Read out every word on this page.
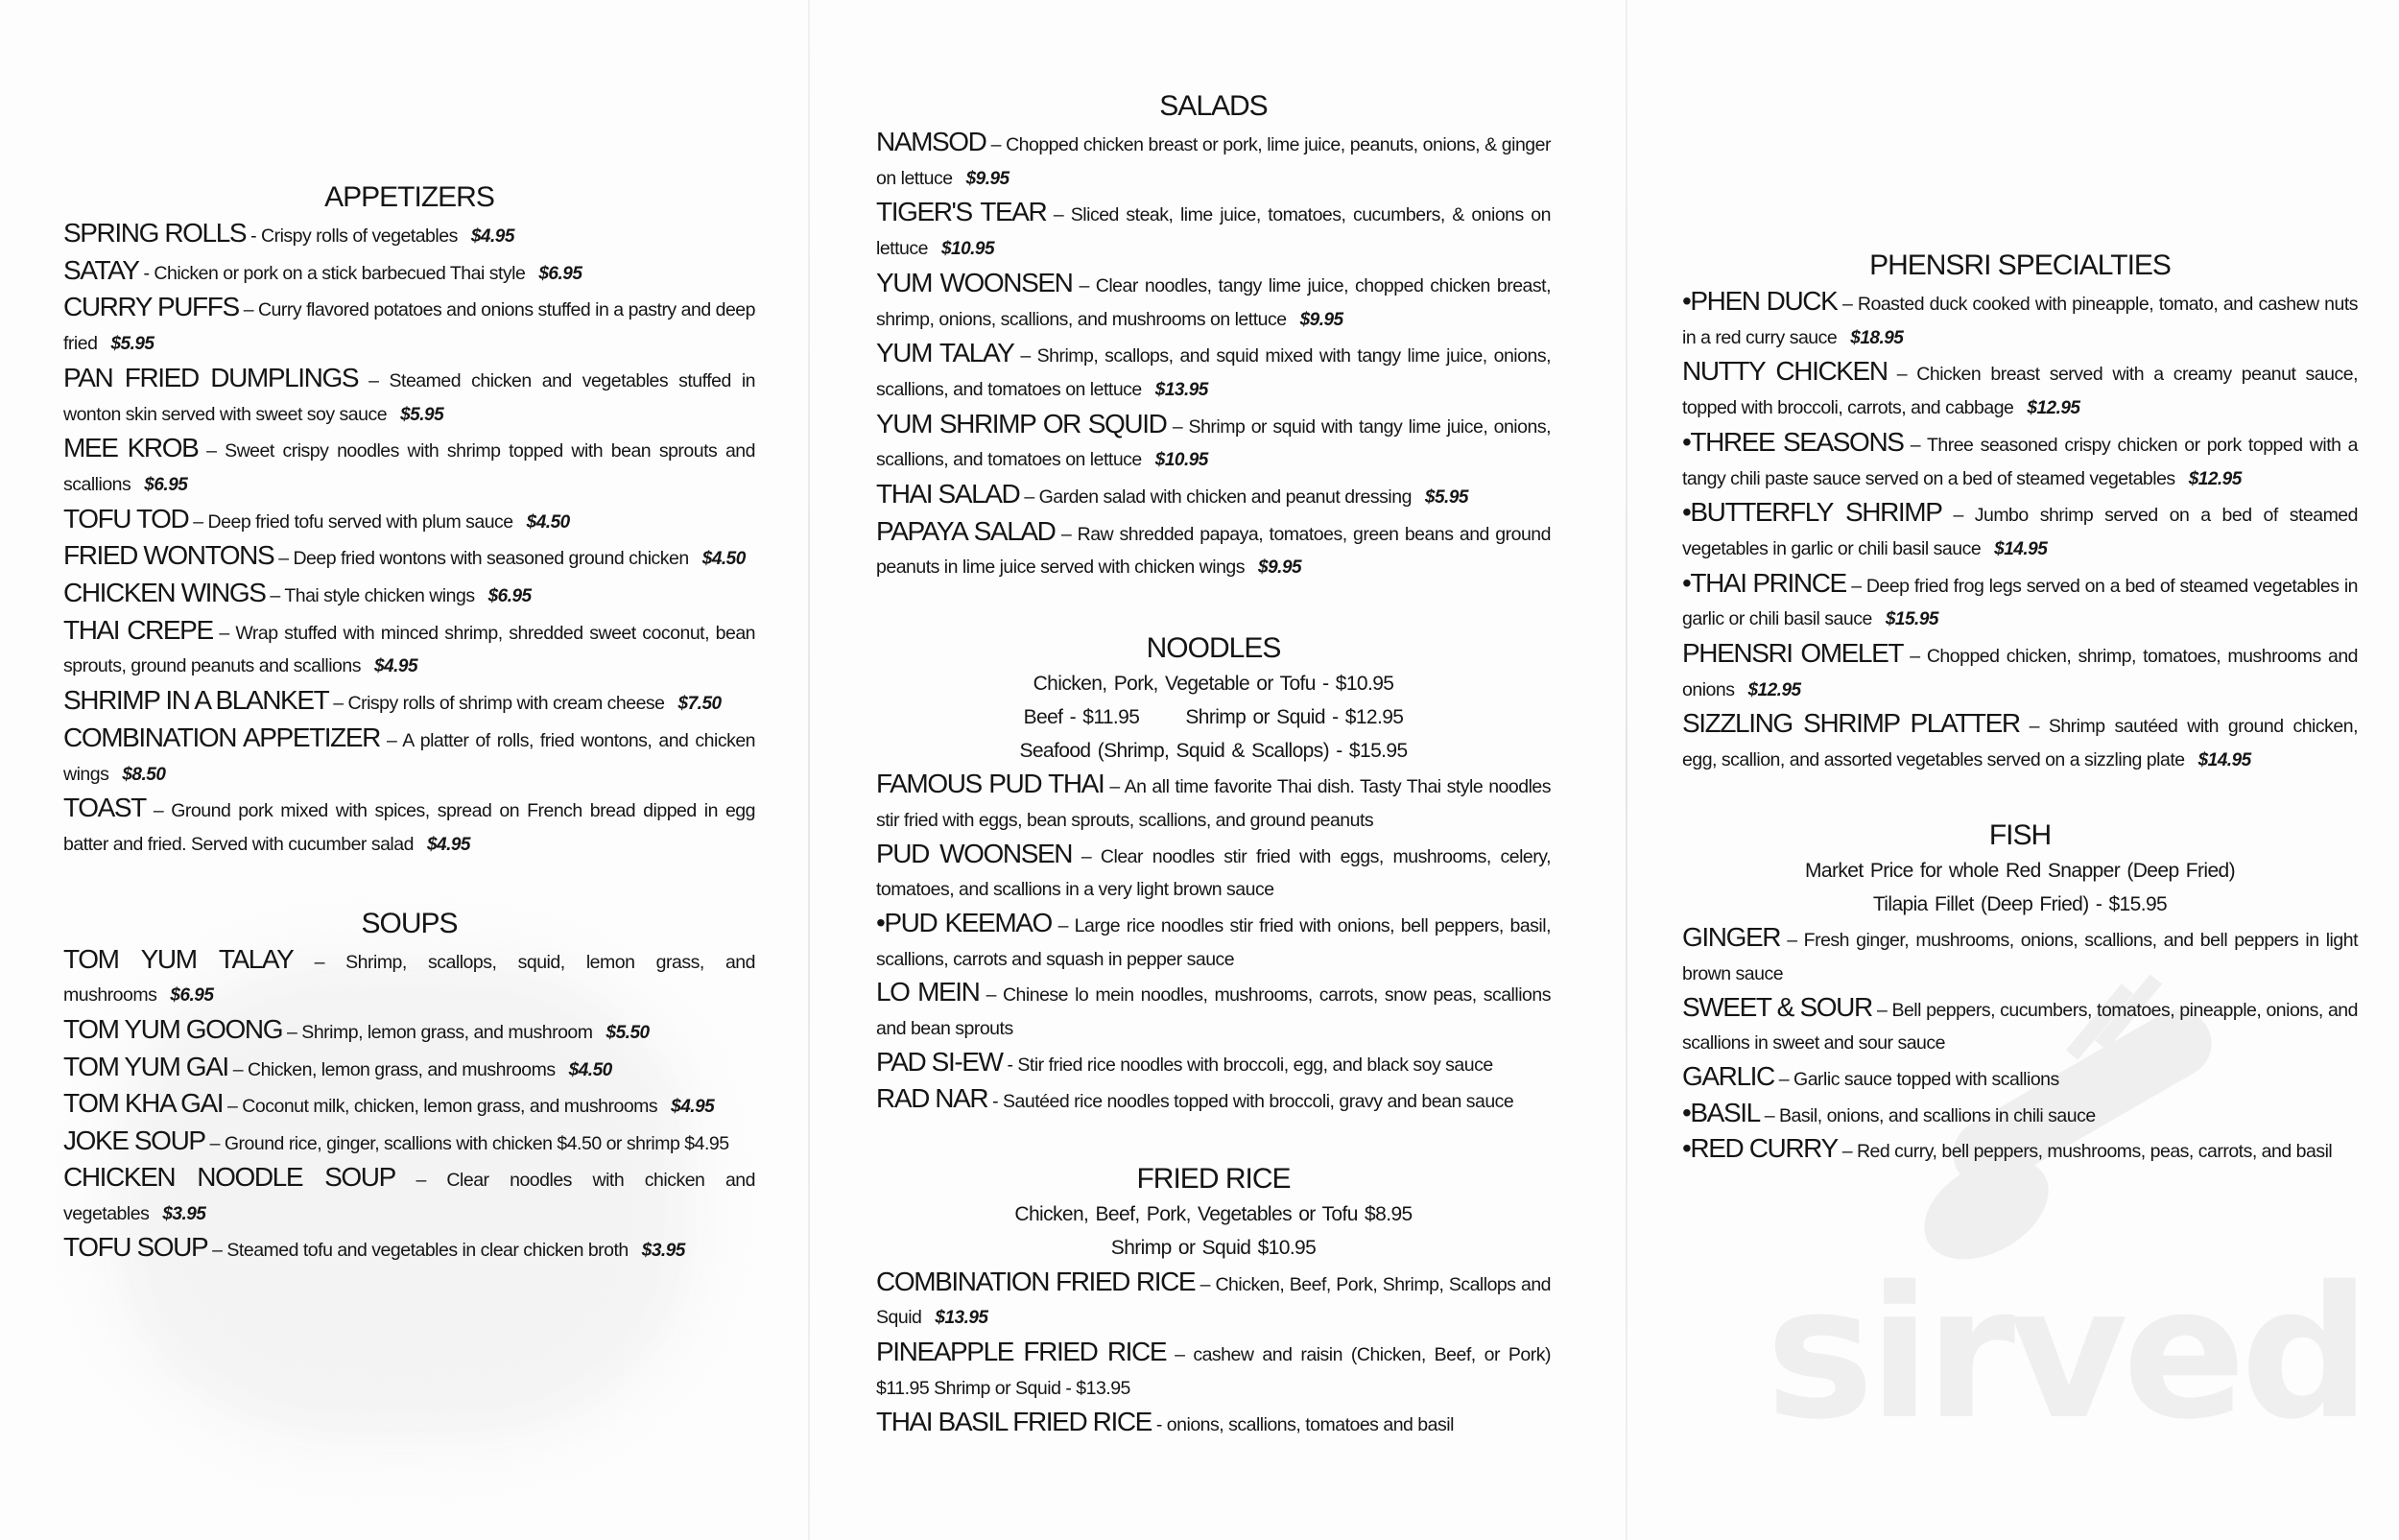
sirved
APPETIZERS
SPRING ROLLS - Crispy rolls of vegetables $4.95
SATAY - Chicken or pork on a stick barbecued Thai style $6.95
CURRY PUFFS – Curry flavored potatoes and onions stuffed in a pastry and deep fried $5.95
PAN FRIED DUMPLINGS – Steamed chicken and vegetables stuffed in wonton skin served with sweet soy sauce $5.95
MEE KROB – Sweet crispy noodles with shrimp topped with bean sprouts and scallions $6.95
TOFU TOD – Deep fried tofu served with plum sauce $4.50
FRIED WONTONS – Deep fried wontons with seasoned ground chicken $4.50
CHICKEN WINGS – Thai style chicken wings $6.95
THAI CREPE – Wrap stuffed with minced shrimp, shredded sweet coconut, bean sprouts, ground peanuts and scallions $4.95
SHRIMP IN A BLANKET – Crispy rolls of shrimp with cream cheese $7.50
COMBINATION APPETIZER – A platter of rolls, fried wontons, and chicken wings $8.50
TOAST – Ground pork mixed with spices, spread on French bread dipped in egg batter and fried. Served with cucumber salad $4.95
SOUPS
TOM YUM TALAY – Shrimp, scallops, squid, lemon grass, and mushrooms $6.95
TOM YUM GOONG – Shrimp, lemon grass, and mushroom $5.50
TOM YUM GAI – Chicken, lemon grass, and mushrooms $4.50
TOM KHA GAI – Coconut milk, chicken, lemon grass, and mushrooms $4.95
JOKE SOUP – Ground rice, ginger, scallions with chicken $4.50 or shrimp $4.95
CHICKEN NOODLE SOUP – Clear noodles with chicken and vegetables $3.95
TOFU SOUP – Steamed tofu and vegetables in clear chicken broth $3.95
SALADS
NAMSOD – Chopped chicken breast or pork, lime juice, peanuts, onions, & ginger on lettuce $9.95
TIGER'S TEAR – Sliced steak, lime juice, tomatoes, cucumbers, & onions on lettuce $10.95
YUM WOONSEN – Clear noodles, tangy lime juice, chopped chicken breast, shrimp, onions, scallions, and mushrooms on lettuce $9.95
YUM TALAY – Shrimp, scallops, and squid mixed with tangy lime juice, onions, scallions, and tomatoes on lettuce $13.95
YUM SHRIMP OR SQUID – Shrimp or squid with tangy lime juice, onions, scallions, and tomatoes on lettuce $10.95
THAI SALAD – Garden salad with chicken and peanut dressing $5.95
PAPAYA SALAD – Raw shredded papaya, tomatoes, green beans and ground peanuts in lime juice served with chicken wings $9.95
NOODLES
Chicken, Pork, Vegetable or Tofu - $10.95
Beef - $11.95 Shrimp or Squid - $12.95
Seafood (Shrimp, Squid & Scallops) - $15.95
FAMOUS PUD THAI – An all time favorite Thai dish. Tasty Thai style noodles stir fried with eggs, bean sprouts, scallions, and ground peanuts
PUD WOONSEN – Clear noodles stir fried with eggs, mushrooms, celery, tomatoes, and scallions in a very light brown sauce
•PUD KEEMAO – Large rice noodles stir fried with onions, bell peppers, basil, scallions, carrots and squash in pepper sauce
LO MEIN – Chinese lo mein noodles, mushrooms, carrots, snow peas, scallions and bean sprouts
PAD SI-EW - Stir fried rice noodles with broccoli, egg, and black soy sauce
RAD NAR - Sautéed rice noodles topped with broccoli, gravy and bean sauce
FRIED RICE
Chicken, Beef, Pork, Vegetables or Tofu $8.95
Shrimp or Squid $10.95
COMBINATION FRIED RICE – Chicken, Beef, Pork, Shrimp, Scallops and Squid $13.95
PINEAPPLE FRIED RICE – cashew and raisin (Chicken, Beef, or Pork) $11.95 Shrimp or Squid - $13.95
THAI BASIL FRIED RICE - onions, scallions, tomatoes and basil
PHENSRI SPECIALTIES
•PHEN DUCK – Roasted duck cooked with pineapple, tomato, and cashew nuts in a red curry sauce $18.95
NUTTY CHICKEN – Chicken breast served with a creamy peanut sauce, topped with broccoli, carrots, and cabbage $12.95
•THREE SEASONS – Three seasoned crispy chicken or pork topped with a tangy chili paste sauce served on a bed of steamed vegetables $12.95
•BUTTERFLY SHRIMP – Jumbo shrimp served on a bed of steamed vegetables in garlic or chili basil sauce $14.95
•THAI PRINCE – Deep fried frog legs served on a bed of steamed vegetables in garlic or chili basil sauce $15.95
PHENSRI OMELET – Chopped chicken, shrimp, tomatoes, mushrooms and onions $12.95
SIZZLING SHRIMP PLATTER – Shrimp sautéed with ground chicken, egg, scallion, and assorted vegetables served on a sizzling plate $14.95
FISH
Market Price for whole Red Snapper (Deep Fried)
Tilapia Fillet (Deep Fried) - $15.95
GINGER – Fresh ginger, mushrooms, onions, scallions, and bell peppers in light brown sauce
SWEET & SOUR – Bell peppers, cucumbers, tomatoes, pineapple, onions, and scallions in sweet and sour sauce
GARLIC – Garlic sauce topped with scallions
•BASIL – Basil, onions, and scallions in chili sauce
•RED CURRY – Red curry, bell peppers, mushrooms, peas, carrots, and basil
